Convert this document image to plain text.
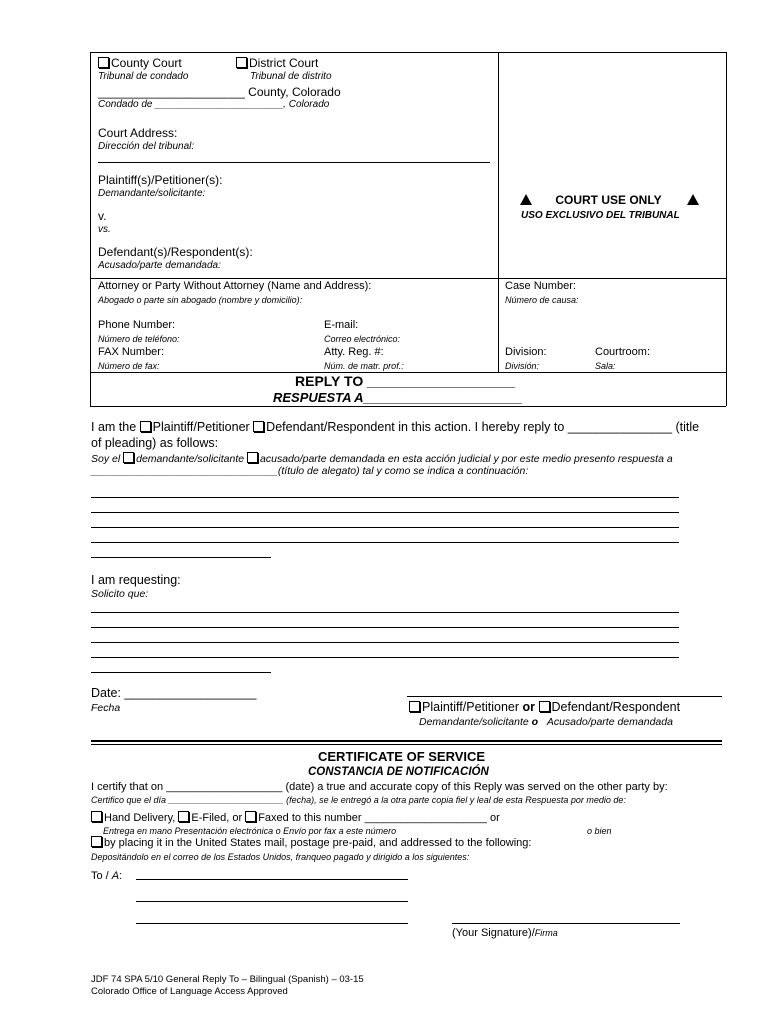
County Court	District Court
Tribunal de condado	Tribunal de distrito
______________________ County, Colorado
Condado de _______________________, Colorado
Court Address:
Dirección del tribunal:
Plaintiff(s)/Petitioner(s):
Demandante/solicitante:
v.
vs.
Defendant(s)/Respondent(s):
Acusado/parte demandada:
COURT USE ONLY
USO EXCLUSIVO DEL TRIBUNAL
Attorney or Party Without Attorney (Name and Address):
Abogado o parte sin abogado (nombre y domicilio):
Phone Number:
Número de teléfono:
E-mail:
Correo electrónico:
FAX Number:
Número de fax:
Atty. Reg. #:
Núm. de matr. prof.:
Case Number:
Número de causa:
Division:
División:
Courtroom:
Sala:
REPLY TO ___________________
RESPUESTA A______________________
I am the Plaintiff/Petitioner Defendant/Respondent in this action. I hereby reply to _______________ (title
of pleading) as follows:
Soy el demandante/solicitante acusado/parte demandada en esta acción judicial y por este medio presento respuesta a
________________________________(título de alegato) tal y como se indica a continuación:
I am requesting:
Solicito que:
Date: ___________________
Fecha	Plaintiff/Petitioner or Defendant/Respondent
Demandante/solicitante o Acusado/parte demandada
CERTIFICATE OF SERVICE
CONSTANCIA DE NOTIFICACIÓN
I certify that on ___________________ (date) a true and accurate copy of this Reply was served on the other party by:
Certifico que el día _______________________ (fecha), se le entregó a la otra parte copia fiel y leal de esta Respuesta por medio de:
Hand Delivery, E-Filed, or Faxed to this number ____________________ or
Entrega en mano Presentación electrónica o Envío por fax a este número	o bien
by placing it in the United States mail, postage pre-paid, and addressed to the following:
Depositándolo en el correo de los Estados Unidos, franqueo pagado y dirigido a los siguientes:
To / A:
(Your Signature)/Firma
JDF 74 SPA 5/10 General Reply To – Bilingual (Spanish) – 03-15
Colorado Office of Language Access Approved
